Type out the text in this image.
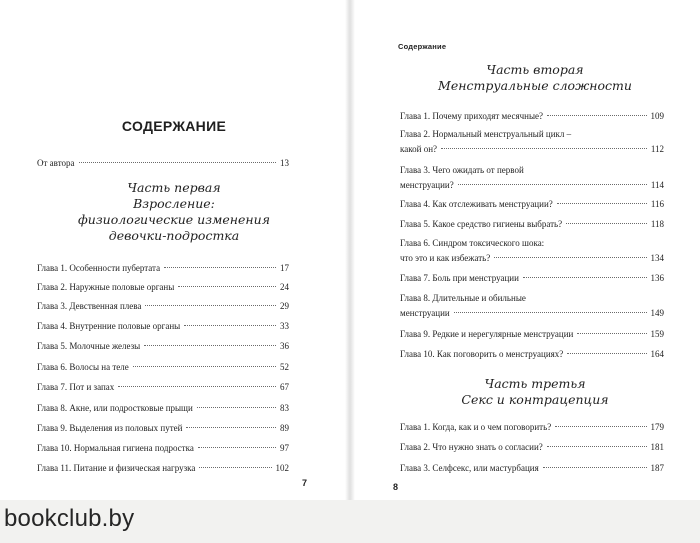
СОДЕРЖАНИЕ
От автора	13
Часть первая
Взросление:
физиологические изменения
девочки-подростка
Глава 1. Особенности пубертата	17
Глава 2. Наружные половые органы	24
Глава 3. Девственная плева	29
Глава 4. Внутренние половые органы	33
Глава 5. Молочные железы	36
Глава 6. Волосы на теле	52
Глава 7. Пот и запах	67
Глава 8. Акне, или подростковые прыщи	83
Глава 9. Выделения из половых путей	89
Глава 10. Нормальная гигиена подростка	97
Глава 11. Питание и физическая нагрузка	102
7
Содержание
Часть вторая
Менструальные сложности
Глава 1. Почему приходят месячные?	109
Глава 2. Нормальный менструальный цикл –
какой он?	112
Глава 3. Чего ожидать от первой
менструации?	114
Глава 4. Как отслеживать менструации?	116
Глава 5. Какое средство гигиены выбрать?	118
Глава 6. Синдром токсического шока:
что это и как избежать?	134
Глава 7. Боль при менструации	136
Глава 8. Длительные и обильные
менструации	149
Глава 9. Редкие и нерегулярные менструации	159
Глава 10. Как поговорить о менструациях?	164
Часть третья
Секс и контрацепция
Глава 1. Когда, как и о чем поговорить?	179
Глава 2. Что нужно знать о согласии?	181
Глава 3. Селфсекс, или мастурбация	187
8
bookclub.by
